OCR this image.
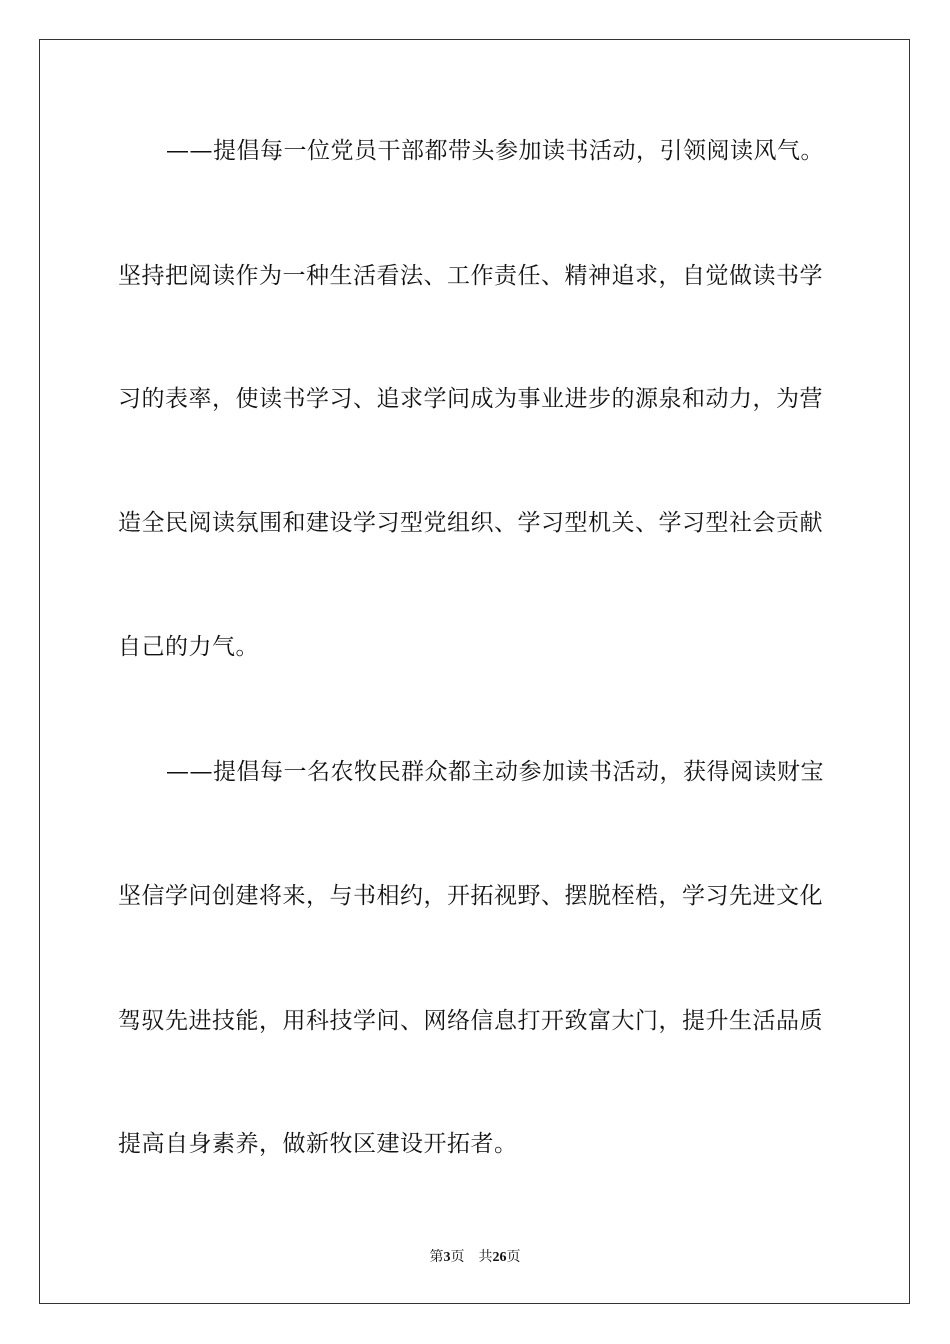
——提倡每一位党员干部都带头参加读书活动，引领阅读风气。
坚持把阅读作为一种生活看法、工作责任、精神追求，自觉做读书学
习的表率，使读书学习、追求学问成为事业进步的源泉和动力，为营
造全民阅读氛围和建设学习型党组织、学习型机关、学习型社会贡献
自己的力气。
——提倡每一名农牧民群众都主动参加读书活动，获得阅读财宝
坚信学问创建将来，与书相约，开拓视野、摆脱桎梏，学习先进文化
驾驭先进技能，用科技学问、网络信息打开致富大门，提升生活品质
提高自身素养，做新牧区建设开拓者。
第3页 共26页
